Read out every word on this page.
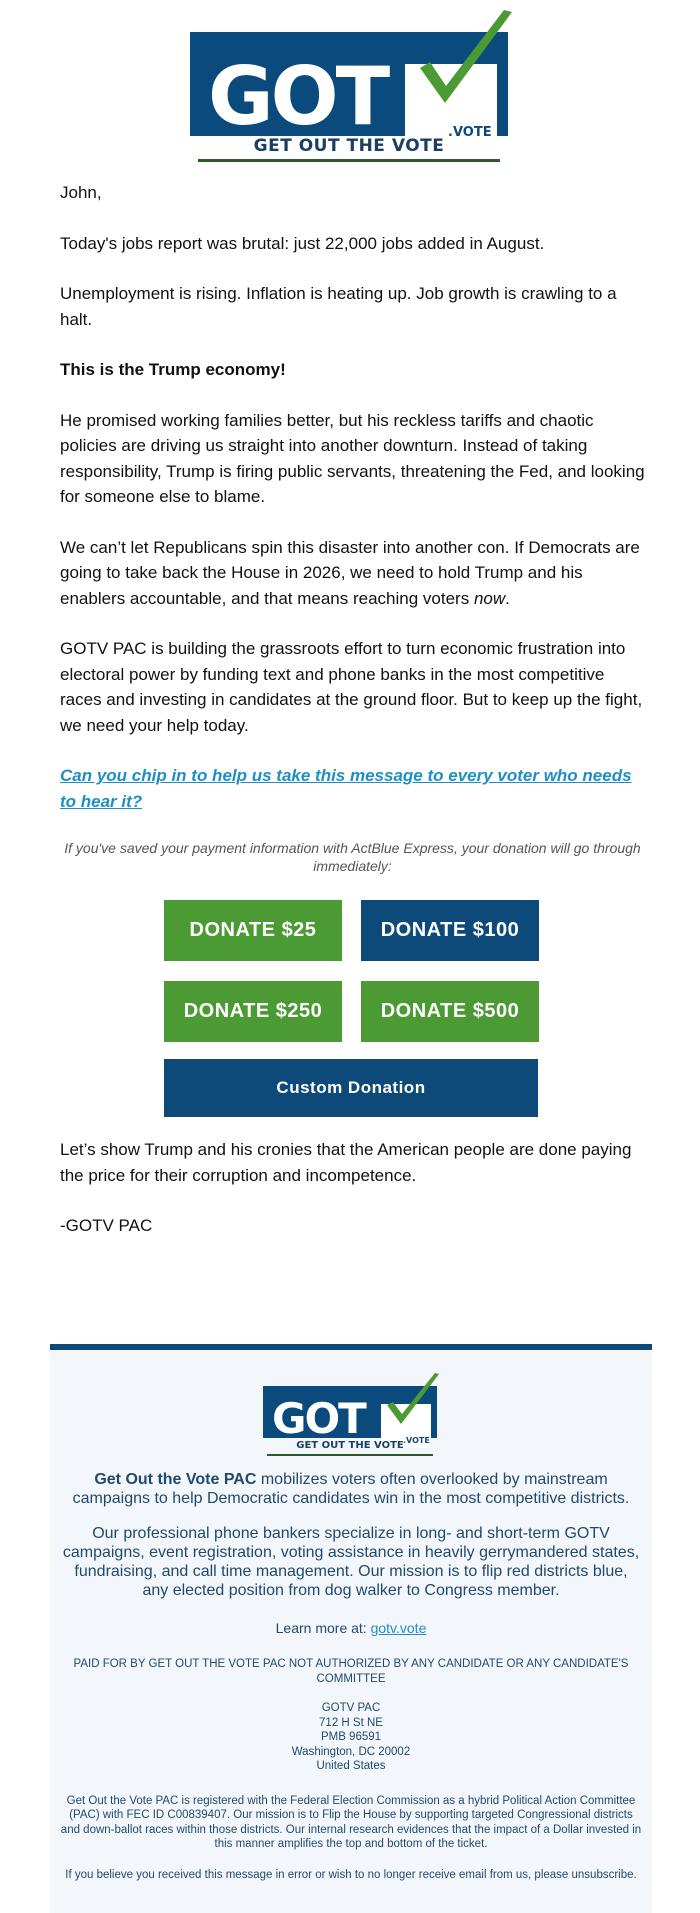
GOT	.VOTE
GET OUT THE VOTE

John,

Today's jobs report was brutal: just 22,000 jobs added in August.

Unemployment is rising. Inflation is heating up. Job growth is crawling to a halt.

This is the Trump economy!

He promised working families better, but his reckless tariffs and chaotic policies are driving us straight into another downturn. Instead of taking responsibility, Trump is firing public servants, threatening the Fed, and looking for someone else to blame.

We can’t let Republicans spin this disaster into another con. If Democrats are going to take back the House in 2026, we need to hold Trump and his enablers accountable, and that means reaching voters now.

GOTV PAC is building the grassroots effort to turn economic frustration into electoral power by funding text and phone banks in the most competitive races and investing in candidates at the ground floor. But to keep up the fight, we need your help today.

Can you chip in to help us take this message to every voter who needs to hear it?

If you've saved your payment information with ActBlue Express, your donation will go through immediately:

DONATE $25	DONATE $100
DONATE $250	DONATE $500
Custom Donation

Let’s show Trump and his cronies that the American people are done paying the price for their corruption and incompetence.

-GOTV PAC

GOT	.VOTE
GET OUT THE VOTE

Get Out the Vote PAC mobilizes voters often overlooked by mainstream campaigns to help Democratic candidates win in the most competitive districts.

Our professional phone bankers specialize in long- and short-term GOTV campaigns, event registration, voting assistance in heavily gerrymandered states, fundraising, and call time management. Our mission is to flip red districts blue, any elected position from dog walker to Congress member.

Learn more at: gotv.vote

PAID FOR BY GET OUT THE VOTE PAC NOT AUTHORIZED BY ANY CANDIDATE OR ANY CANDIDATE'S COMMITTEE

GOTV PAC
712 H St NE
PMB 96591
Washington, DC 20002
United States

Get Out the Vote PAC is registered with the Federal Election Commission as a hybrid Political Action Committee (PAC) with FEC ID C00839407. Our mission is to Flip the House by supporting targeted Congressional districts and down-ballot races within those districts. Our internal research evidences that the impact of a Dollar invested in this manner amplifies the top and bottom of the ticket.

If you believe you received this message in error or wish to no longer receive email from us, please unsubscribe.
